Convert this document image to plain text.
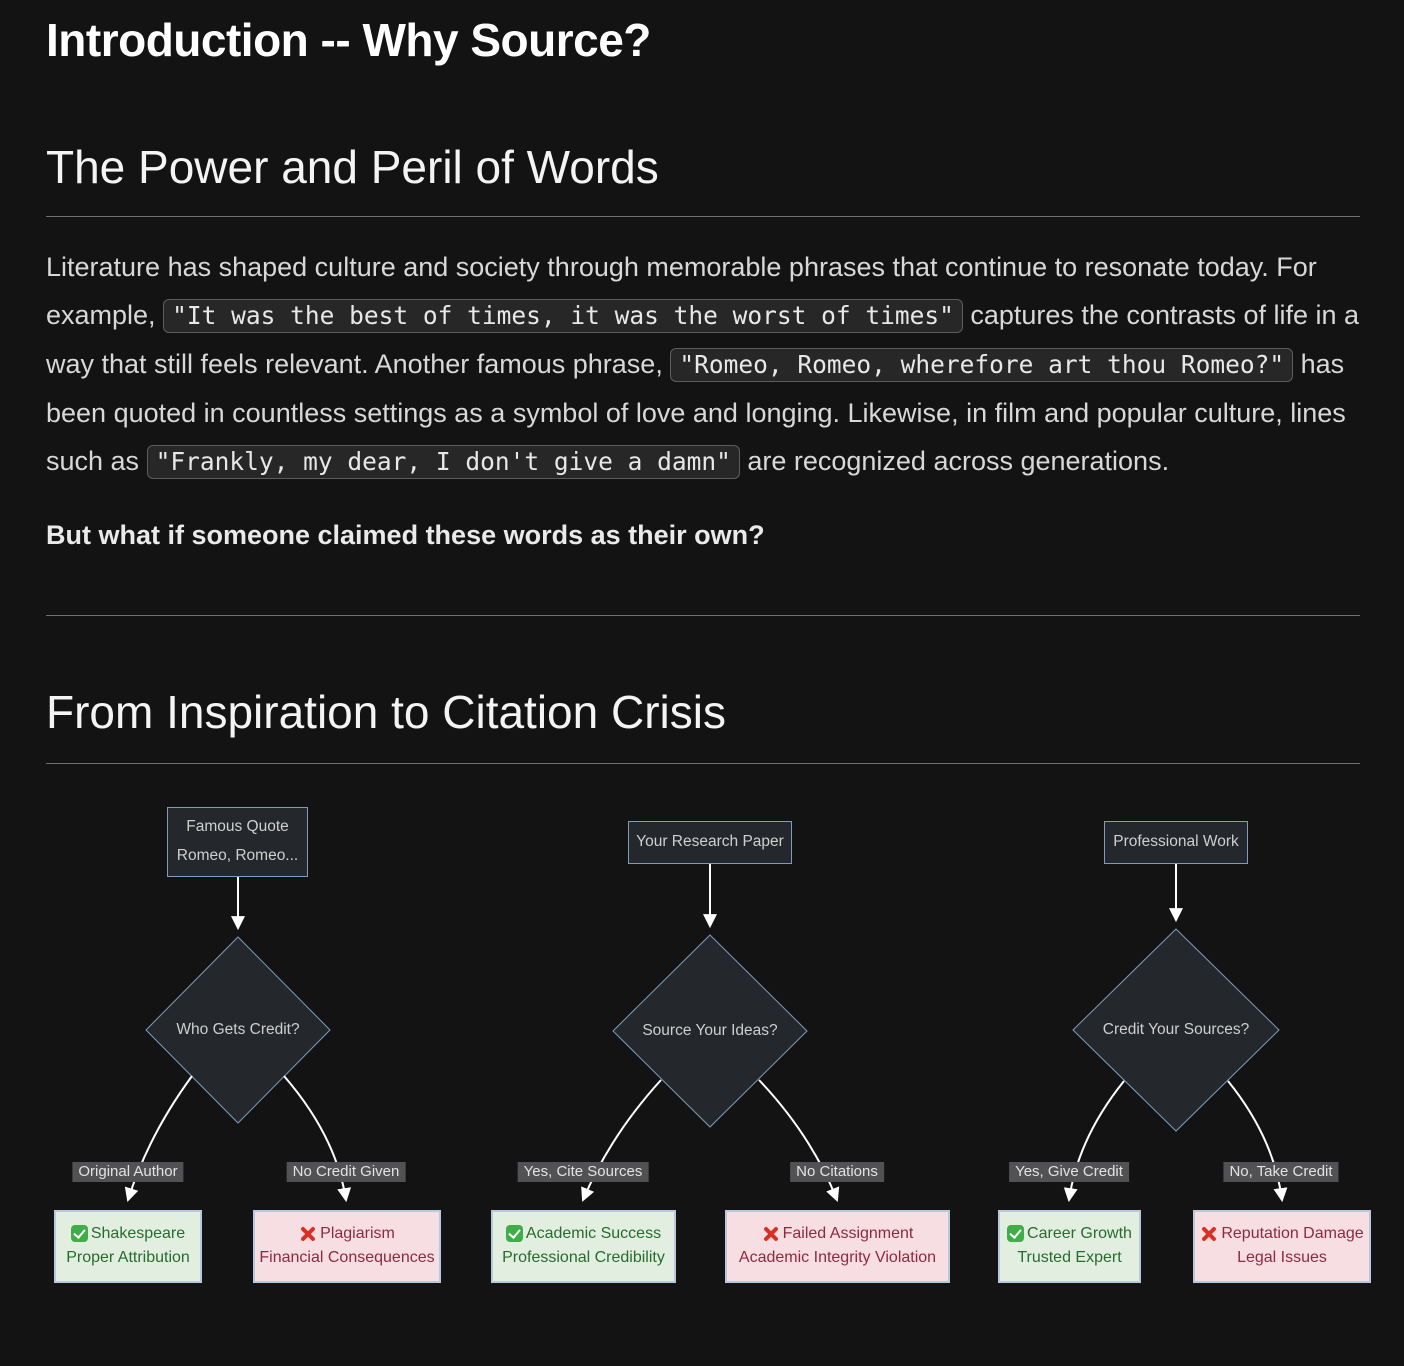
Introduction -- Why Source?
The Power and Peril of Words

Literature has shaped culture and society through memorable phrases that continue to resonate today. For example, "It was the best of times, it was the worst of times" captures the contrasts of life in a way that still feels relevant. Another famous phrase, "Romeo, Romeo, wherefore art thou Romeo?" has been quoted in countless settings as a symbol of love and longing. Likewise, in film and popular culture, lines such as "Frankly, my dear, I don't give a damn" are recognized across generations.

But what if someone claimed these words as their own?

From Inspiration to Citation Crisis
Famous Quote
Romeo, Romeo...
Your Research Paper	Professional Work
Who Gets Credit?	Source Your Ideas?	Credit Your Sources?
Original Author	No Credit Given	Yes, Cite Sources	No Citations	Yes, Give Credit	No, Take Credit
Shakespeare
Proper Attribution
Plagiarism
Financial Consequences
Academic Success
Professional Credibility
Failed Assignment
Academic Integrity Violation
Career Growth
Trusted Expert
Reputation Damage
Legal Issues
